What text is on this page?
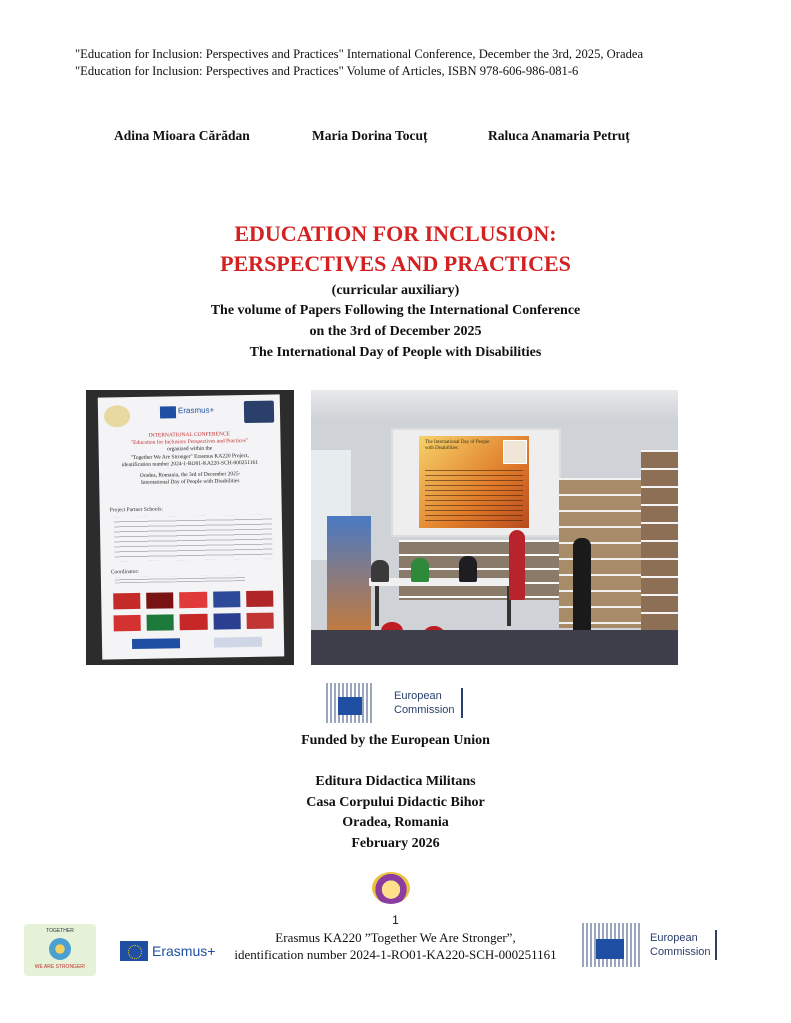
"Education for Inclusion: Perspectives and Practices" International Conference, December the 3rd, 2025, Oradea
"Education for Inclusion: Perspectives and Practices" Volume of Articles, ISBN 978-606-986-081-6
Adina Mioara Cărădan	Maria Dorina Tocuț	Raluca Anamaria Petruț
EDUCATION FOR INCLUSION:
PERSPECTIVES AND PRACTICES
(curricular auxiliary)
The volume of Papers Following the International Conference
on the 3rd of December 2025
The International Day of People with Disabilities
Erasmus+
INTERNATIONAL CONFERENCE
"Education for Inclusion: Perspectives and Practices"
organized within the
"Together We Are Stronger" Erasmus KA220 Project,
identification number 2024-1-RO01-KA220-SCH-000251161
Oradea, Romania, the 3rd of December 2025-
International Day of People with Disabilities
Project Partner Schools:
Coordinator:
The International Day of People with Disabilities
European
Commission
Funded by the European Union
Editura Didactica Militans
Casa Corpului Didactic Bihor
Oradea, Romania
February 2026
1
TOGETHER
WE ARE STRONGER!
Erasmus+
Erasmus KA220 ”Together We Are Stronger”,
identification number 2024-1-RO01-KA220-SCH-000251161
European
Commission
